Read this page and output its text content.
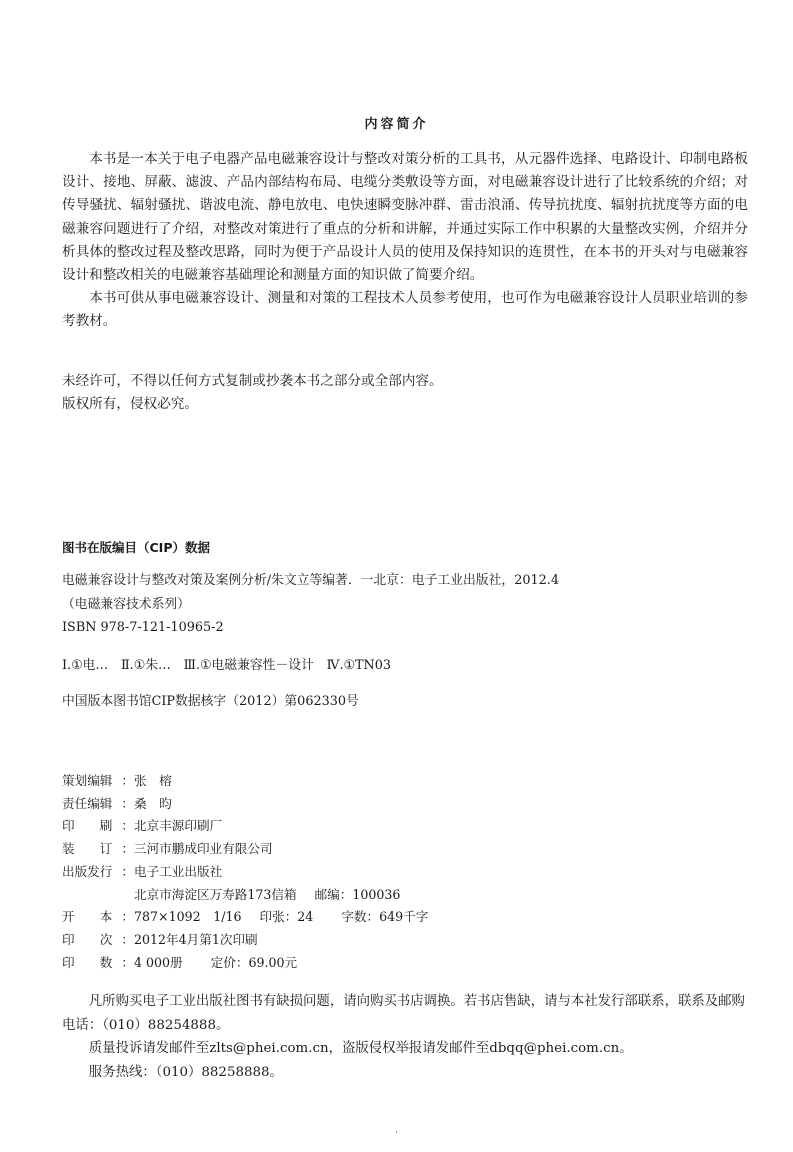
内容简介

本书是一本关于电子电器产品电磁兼容设计与整改对策分析的工具书，从元器件选择、电路设计、印制电路板设计、接地、屏蔽、滤波、产品内部结构布局、电缆分类敷设等方面，对电磁兼容设计进行了比较系统的介绍；对传导骚扰、辐射骚扰、谐波电流、静电放电、电快速瞬变脉冲群、雷击浪涌、传导抗扰度、辐射抗扰度等方面的电磁兼容问题进行了介绍，对整改对策进行了重点的分析和讲解，并通过实际工作中积累的大量整改实例，介绍并分析具体的整改过程及整改思路，同时为便于产品设计人员的使用及保持知识的连贯性，在本书的开头对与电磁兼容设计和整改相关的电磁兼容基础理论和测量方面的知识做了简要介绍。

本书可供从事电磁兼容设计、测量和对策的工程技术人员参考使用，也可作为电磁兼容设计人员职业培训的参考教材。

未经许可，不得以任何方式复制或抄袭本书之部分或全部内容。
版权所有，侵权必究。
图书在版编目（CIP）数据
电磁兼容设计与整改对策及案例分析/朱文立等编著．一北京：电子工业出版社，2012.4
（电磁兼容技术系列）
ISBN 978-7-121-10965-2
Ⅰ.①电…　Ⅱ.①朱…　Ⅲ.①电磁兼容性－设计　Ⅳ.①TN03
中国版本图书馆CIP数据核字（2012）第062330号
策划编辑 ： 张　榕
责任编辑 ： 桑　昀
印　　刷 ： 北京丰源印刷厂
装　　订 ： 三河市鹏成印业有限公司
出版发行 ： 电子工业出版社
北京市海淀区万寿路173信箱 邮编：100036
开　　本 ： 787×1092　1/16 印张：24 字数：649千字
印　　次 ： 2012年4月第1次印刷
印　　数 ： 4 000册 定价：69.00元

凡所购买电子工业出版社图书有缺损问题，请向购买书店调换。若书店售缺，请与本社发行部联系，联系及邮购电话：（010）88254888。

质量投诉请发邮件至zlts@phei.com.cn，盗版侵权举报请发邮件至dbqq@phei.com.cn。

服务热线：（010）88258888。

·
